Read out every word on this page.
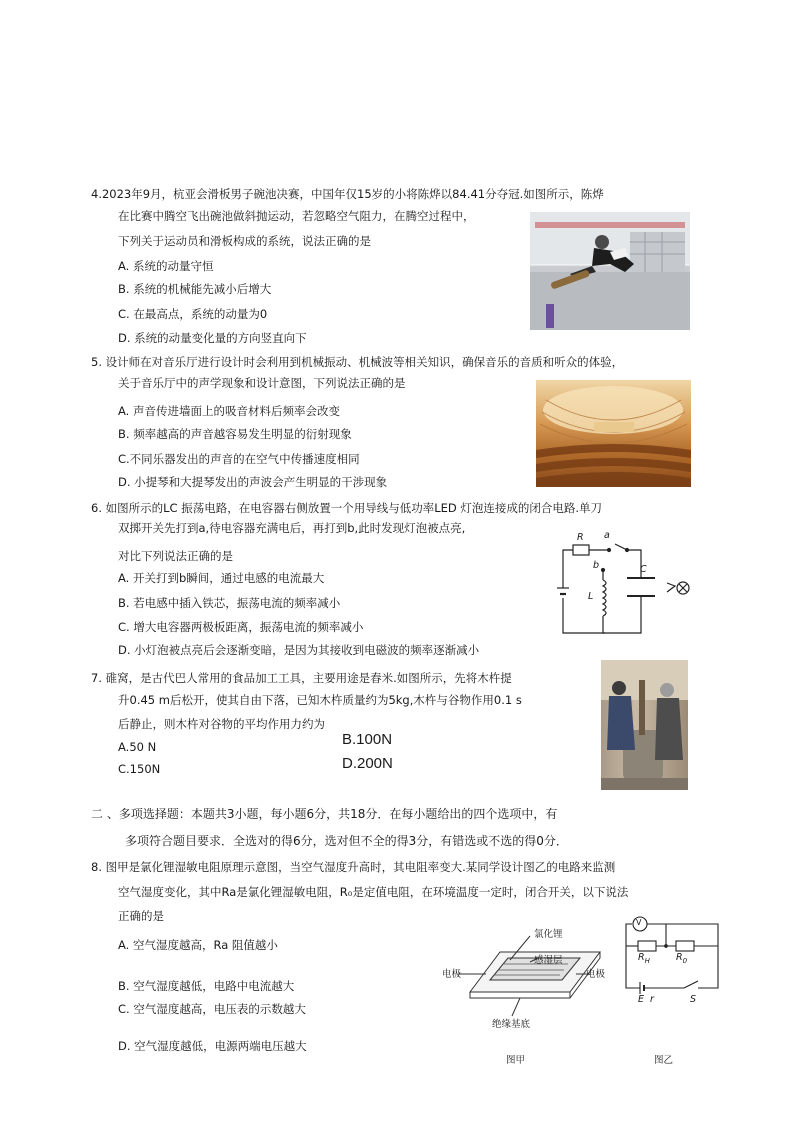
4.2023年9月，杭亚会滑板男子碗池决赛，中国年仅15岁的小将陈烨以84.41分夺冠.如图所示，陈烨
在比赛中腾空飞出碗池做斜抛运动，若忽略空气阻力，在腾空过程中，
下列关于运动员和滑板构成的系统，说法正确的是
A. 系统的动量守恒
B. 系统的机械能先减小后增大
C. 在最高点，系统的动量为0
D. 系统的动量变化量的方向竖直向下
5. 设计师在对音乐厅进行设计时会利用到机械振动、机械波等相关知识，确保音乐的音质和听众的体验，
关于音乐厅中的声学现象和设计意图，下列说法正确的是
A. 声音传进墙面上的吸音材料后频率会改变
B. 频率越高的声音越容易发生明显的衍射现象
C.不同乐器发出的声音的在空气中传播速度相同
D. 小提琴和大提琴发出的声波会产生明显的干涉现象
6. 如图所示的LC 振荡电路，在电容器右侧放置一个用导线与低功率LED 灯泡连接成的闭合电路.单刀
双掷开关先打到a,待电容器充满电后，再打到b,此时发现灯泡被点亮,
对比下列说法正确的是
A. 开关打到b瞬间，通过电感的电流最大
B. 若电感中插入铁芯，振荡电流的频率减小
C. 增大电容器两极板距离，振荡电流的频率减小
D. 小灯泡被点亮后会逐渐变暗，是因为其接收到电磁波的频率逐渐减小
R a
b
L
C
7. 碓窝，是古代巴人常用的食品加工工具，主要用途是舂米.如图所示，先将木杵提
升0.45 m后松开，使其自由下落，已知木杵质量约为5kg,木杵与谷物作用0.1 s
后静止，则木杵对谷物的平均作用力约为
A.50 N	B.100N
C.150N	D.200N
二 、多项选择题：本题共3小题，每小题6分，共18分．在每小题给出的四个选项中，有
多项符合题目要求．全选对的得6分，选对但不全的得3分，有错选或不选的得0分．
8. 图甲是氯化锂湿敏电阻原理示意图，当空气湿度升高时，其电阻率变大.某同学设计图乙的电路来监测
空气湿度变化，其中Ra是氯化锂湿敏电阻，R₀是定值电阻，在环境温度一定时，闭合开关，以下说法
正确的是
A. 空气湿度越高，Ra 阻值越小
B. 空气湿度越低，电路中电流越大
C. 空气湿度越高，电压表的示数越大
D. 空气湿度越低，电源两端电压越大
氯化锂
感湿层
电极	电极
绝缘基底
图甲
V
$R_H$	$R_0$
E r	S
图乙
